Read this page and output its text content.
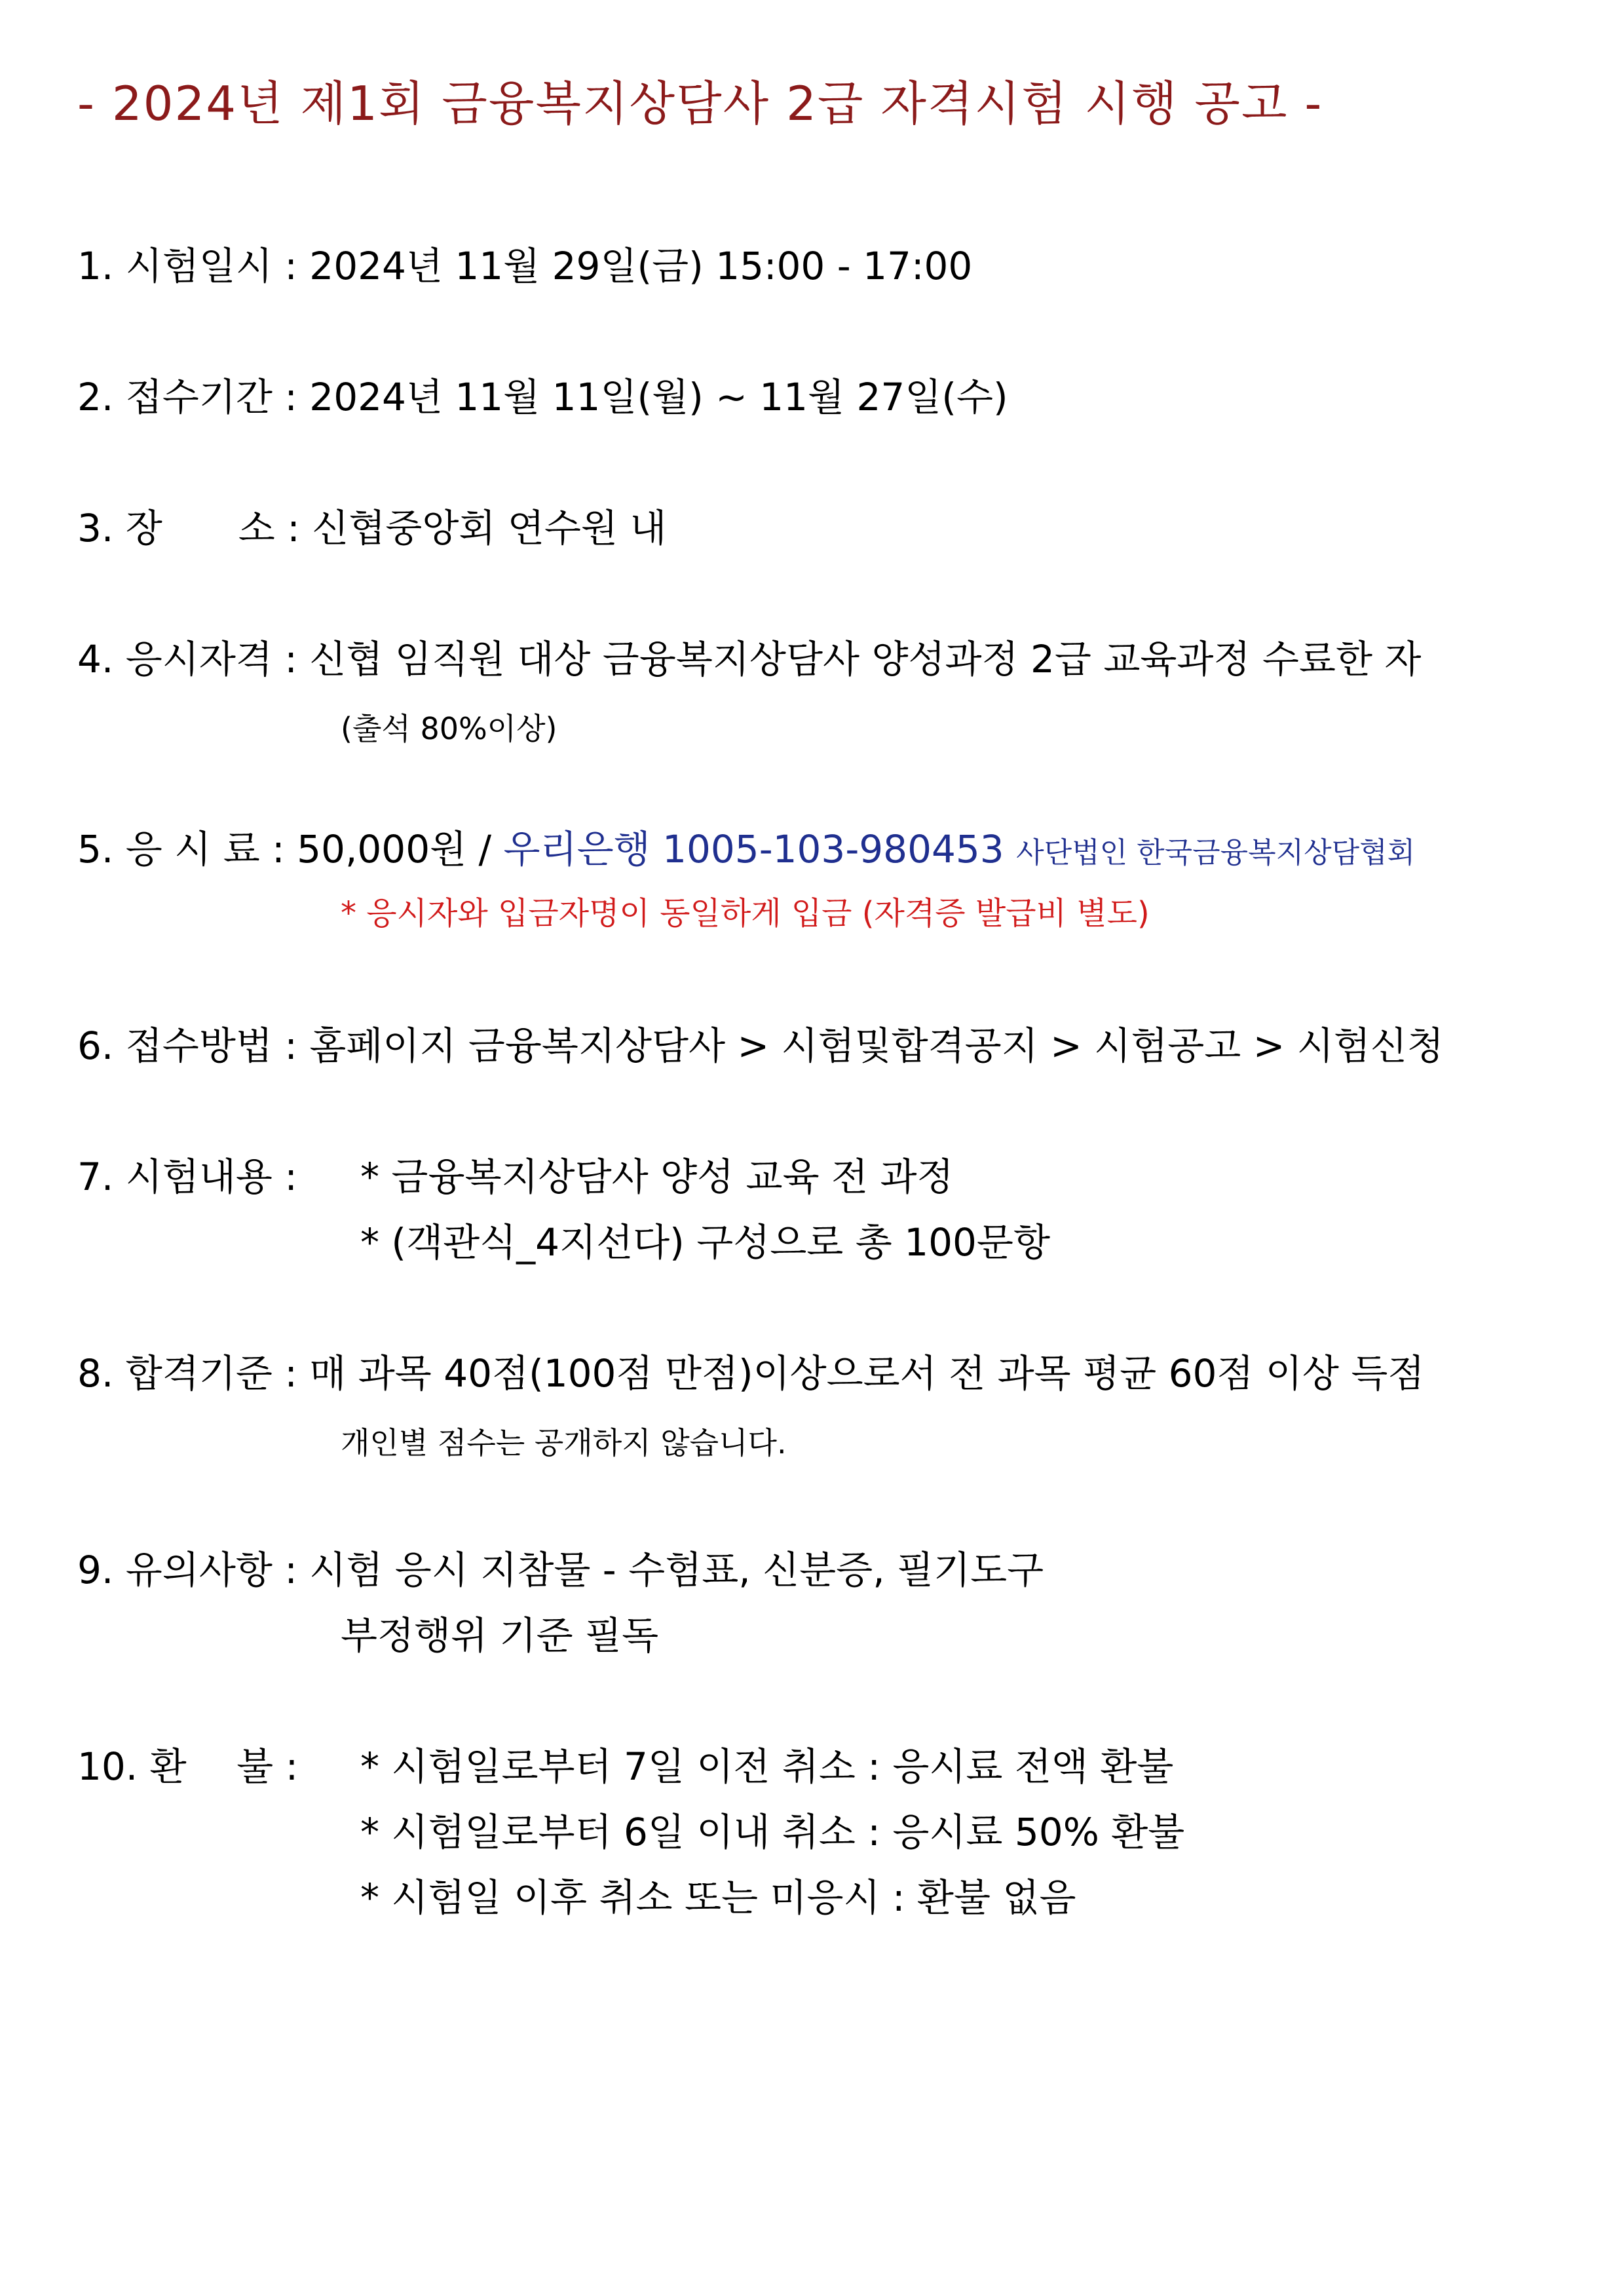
- 2024년 제1회 금융복지상담사 2급 자격시험 시행 공고 -
1. 시험일시 : 2024년 11월 29일(금) 15:00 - 17:00
2. 접수기간 : 2024년 11월 11일(월) ~ 11월 27일(수)
3. 장　　소 : 신협중앙회 연수원 내
4. 응시자격 : 신협 임직원 대상 금융복지상담사 양성과정 2급 교육과정 수료한 자
(출석 80%이상)
5. 응 시 료 : 50,000원 / 우리은행 1005-103-980453 사단법인 한국금융복지상담협회
* 응시자와 입금자명이 동일하게 입금 (자격증 발급비 별도)
6. 접수방법 : 홈페이지 금융복지상담사 > 시험및합격공지 > 시험공고 > 시험신청
7. 시험내용 : * 금융복지상담사 양성 교육 전 과정
* (객관식_4지선다) 구성으로 총 100문항
8. 합격기준 : 매 과목 40점(100점 만점)이상으로서 전 과목 평균 60점 이상 득점
개인별 점수는 공개하지 않습니다.
9. 유의사항 : 시험 응시 지참물 - 수험표, 신분증, 필기도구
부정행위 기준 필독
10. 환　 불 : * 시험일로부터 7일 이전 취소 : 응시료 전액 환불
* 시험일로부터 6일 이내 취소 : 응시료 50% 환불
* 시험일 이후 취소 또는 미응시 : 환불 없음
